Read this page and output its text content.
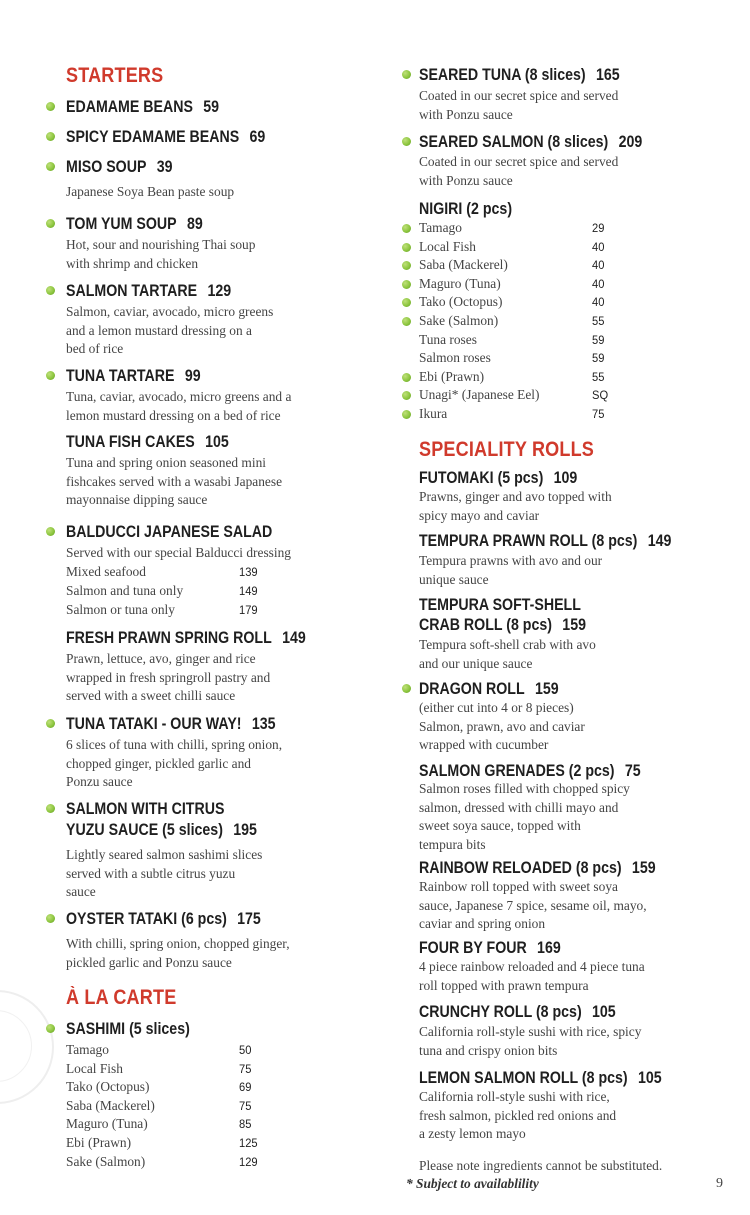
STARTERS
EDAMAME BEANS 59
SPICY EDAMAME BEANS 69
MISO SOUP 39
Japanese Soya Bean paste soup
TOM YUM SOUP 89
Hot, sour and nourishing Thai soup
with shrimp and chicken
SALMON TARTARE 129
Salmon, caviar, avocado, micro greens
and a lemon mustard dressing on a
bed of rice
TUNA TARTARE 99
Tuna, caviar, avocado, micro greens and a
lemon mustard dressing on a bed of rice
TUNA FISH CAKES 105
Tuna and spring onion seasoned mini
fishcakes served with a wasabi Japanese
mayonnaise dipping sauce
BALDUCCI JAPANESE SALAD
Served with our special Balducci dressing
Mixed seafood	139
Salmon and tuna only	149
Salmon or tuna only	179
FRESH PRAWN SPRING ROLL 149
Prawn, lettuce, avo, ginger and rice
wrapped in fresh springroll pastry and
served with a sweet chilli sauce
TUNA TATAKI - OUR WAY! 135
6 slices of tuna with chilli, spring onion,
chopped ginger, pickled garlic and
Ponzu sauce
SALMON WITH CITRUS
YUZU SAUCE (5 slices) 195
Lightly seared salmon sashimi slices
served with a subtle citrus yuzu
sauce
OYSTER TATAKI (6 pcs) 175
With chilli, spring onion, chopped ginger,
pickled garlic and Ponzu sauce
À LA CARTE
SASHIMI (5 slices)
Tamago	50
Local Fish	75
Tako (Octopus)	69
Saba (Mackerel)	75
Maguro (Tuna)	85
Ebi (Prawn)	125
Sake (Salmon)	129
SEARED TUNA (8 slices) 165
Coated in our secret spice and served
with Ponzu sauce
SEARED SALMON (8 slices) 209
Coated in our secret spice and served
with Ponzu sauce
NIGIRI (2 pcs)
Tamago	29
Local Fish	40
Saba (Mackerel)	40
Maguro (Tuna)	40
Tako (Octopus)	40
Sake (Salmon)	55
Tuna roses	59
Salmon roses	59
Ebi (Prawn)	55
Unagi* (Japanese Eel)	SQ
Ikura	75
SPECIALITY ROLLS
FUTOMAKI (5 pcs) 109
Prawns, ginger and avo topped with
spicy mayo and caviar
TEMPURA PRAWN ROLL (8 pcs) 149
Tempura prawns with avo and our
unique sauce
TEMPURA SOFT-SHELL
CRAB ROLL (8 pcs) 159
Tempura soft-shell crab with avo
and our unique sauce
DRAGON ROLL 159
(either cut into 4 or 8 pieces)
Salmon, prawn, avo and caviar
wrapped with cucumber
SALMON GRENADES (2 pcs) 75
Salmon roses filled with chopped spicy
salmon, dressed with chilli mayo and
sweet soya sauce, topped with
tempura bits
RAINBOW RELOADED (8 pcs) 159
Rainbow roll topped with sweet soya
sauce, Japanese 7 spice, sesame oil, mayo,
caviar and spring onion
FOUR BY FOUR 169
4 piece rainbow reloaded and 4 piece tuna
roll topped with prawn tempura
CRUNCHY ROLL (8 pcs) 105
California roll-style sushi with rice, spicy
tuna and crispy onion bits
LEMON SALMON ROLL (8 pcs) 105
California roll-style sushi with rice,
fresh salmon, pickled red onions and
a zesty lemon mayo
Please note ingredients cannot be substituted.
* Subject to availablility	9
